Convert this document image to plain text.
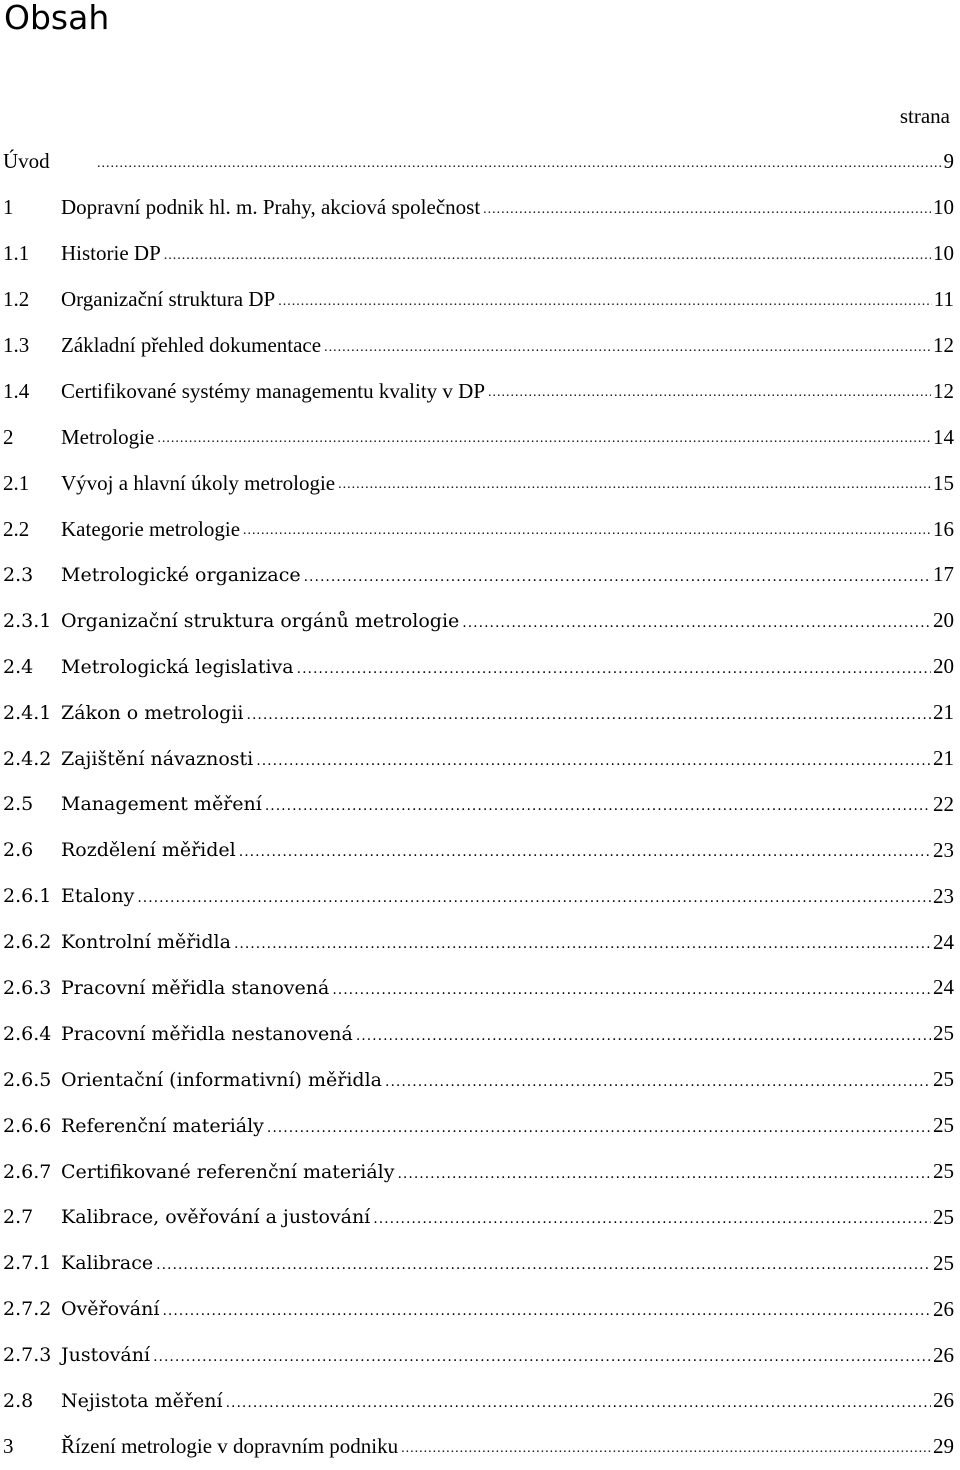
Obsah
strana
Úvod .....	9
1 Dopravní podnik hl. m. Prahy, akciová společnost .....	10
1.1 Historie DP .....	10
1.2 Organizační struktura DP .....	11
1.3 Základní přehled dokumentace .....	12
1.4 Certifikované systémy managementu kvality v DP .....	12
2 Metrologie .....	14
2.1 Vývoj a hlavní úkoly metrologie .....	15
2.2 Kategorie metrologie .....	16
2.3 Metrologické organizace .....	17
2.3.1 Organizační struktura orgánů metrologie .....	20
2.4 Metrologická legislativa .....	20
2.4.1 Zákon o metrologii .....	21
2.4.2 Zajištění návaznosti .....	21
2.5 Management měření .....	22
2.6 Rozdělení měřidel .....	23
2.6.1 Etalony .....	23
2.6.2 Kontrolní měřidla .....	24
2.6.3 Pracovní měřidla stanovená .....	24
2.6.4 Pracovní měřidla nestanovená .....	25
2.6.5 Orientační (informativní) měřidla .....	25
2.6.6 Referenční materiály .....	25
2.6.7 Certifikované referenční materiály .....	25
2.7 Kalibrace, ověřování a justování .....	25
2.7.1 Kalibrace .....	25
2.7.2 Ověřování .....	26
2.7.3 Justování .....	26
2.8 Nejistota měření .....	26
3 Řízení metrologie v dopravním podniku .....	29
